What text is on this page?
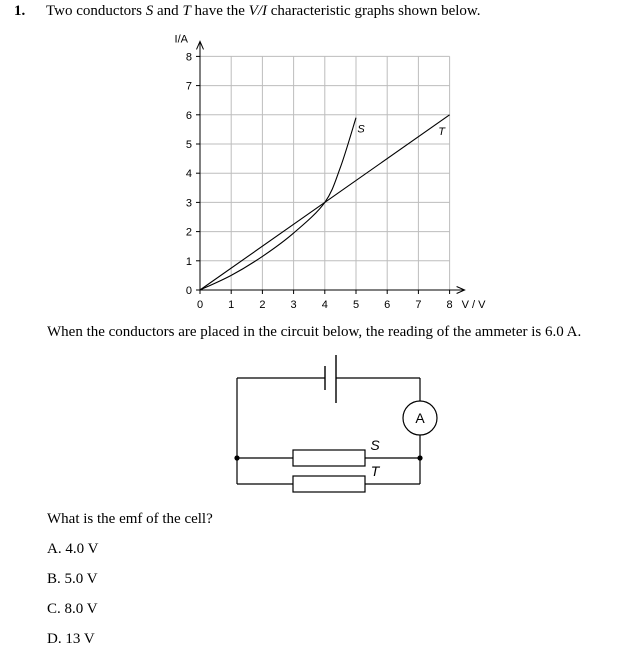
1. Two conductors S and T have the V/I characteristic graphs shown below.
0 1 2 3 4 5 6 7 8
0
1
2
3
4
5
6
7
8
I/A
V / V
T
S
When the conductors are placed in the circuit below, the reading of the ammeter is 6.0 A.
A
S
T
What is the emf of the cell?
A. 4.0 V
B. 5.0 V
C. 8.0 V
D. 13 V
